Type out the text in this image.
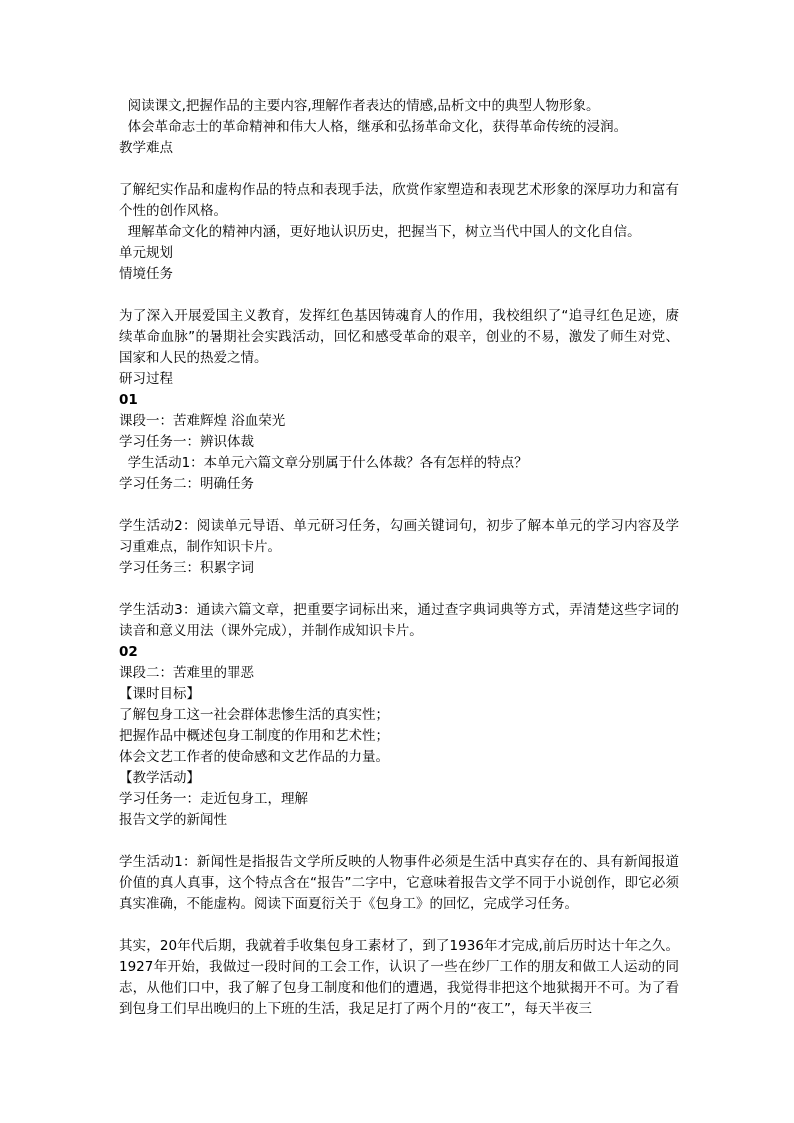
阅读课文,把握作品的主要内容,理解作者表达的情感,品析文中的典型人物形象。
体会革命志士的革命精神和伟大人格，继承和弘扬革命文化，获得革命传统的浸润。
教学难点
了解纪实作品和虚构作品的特点和表现手法，欣赏作家塑造和表现艺术形象的深厚功力和富有个性的创作风格。
理解革命文化的精神内涵，更好地认识历史，把握当下，树立当代中国人的文化自信。
单元规划
情境任务
为了深入开展爱国主义教育，发挥红色基因铸魂育人的作用，我校组织了“追寻红色足迹，赓续革命血脉”的暑期社会实践活动，回忆和感受革命的艰辛，创业的不易，激发了师生对党、国家和人民的热爱之情。
研习过程
01
课段一：苦难辉煌 浴血荣光
学习任务一：辨识体裁
学生活动1：本单元六篇文章分别属于什么体裁？各有怎样的特点？
学习任务二：明确任务
学生活动2：阅读单元导语、单元研习任务，勾画关键词句，初步了解本单元的学习内容及学习重难点，制作知识卡片。
学习任务三：积累字词
学生活动3：通读六篇文章，把重要字词标出来，通过查字典词典等方式，弄清楚这些字词的读音和意义用法（课外完成），并制作成知识卡片。
02
课段二：苦难里的罪恶
【课时目标】
了解包身工这一社会群体悲惨生活的真实性；
把握作品中概述包身工制度的作用和艺术性；
体会文艺工作者的使命感和文艺作品的力量。
【教学活动】
学习任务一：走近包身工，理解
报告文学的新闻性
学生活动1：新闻性是指报告文学所反映的人物事件必须是生活中真实存在的、具有新闻报道价值的真人真事，这个特点含在“报告”二字中，它意味着报告文学不同于小说创作，即它必须真实准确，不能虚构。阅读下面夏衍关于《包身工》的回忆，完成学习任务。
其实，20年代后期，我就着手收集包身工素材了，到了1936年才完成,前后历时达十年之久。1927年开始，我做过一段时间的工会工作，认识了一些在纱厂工作的朋友和做工人运动的同志，从他们口中，我了解了包身工制度和他们的遭遇，我觉得非把这个地狱揭开不可。为了看到包身工们早出晚归的上下班的生活，我足足打了两个月的“夜工”，每天半夜三
